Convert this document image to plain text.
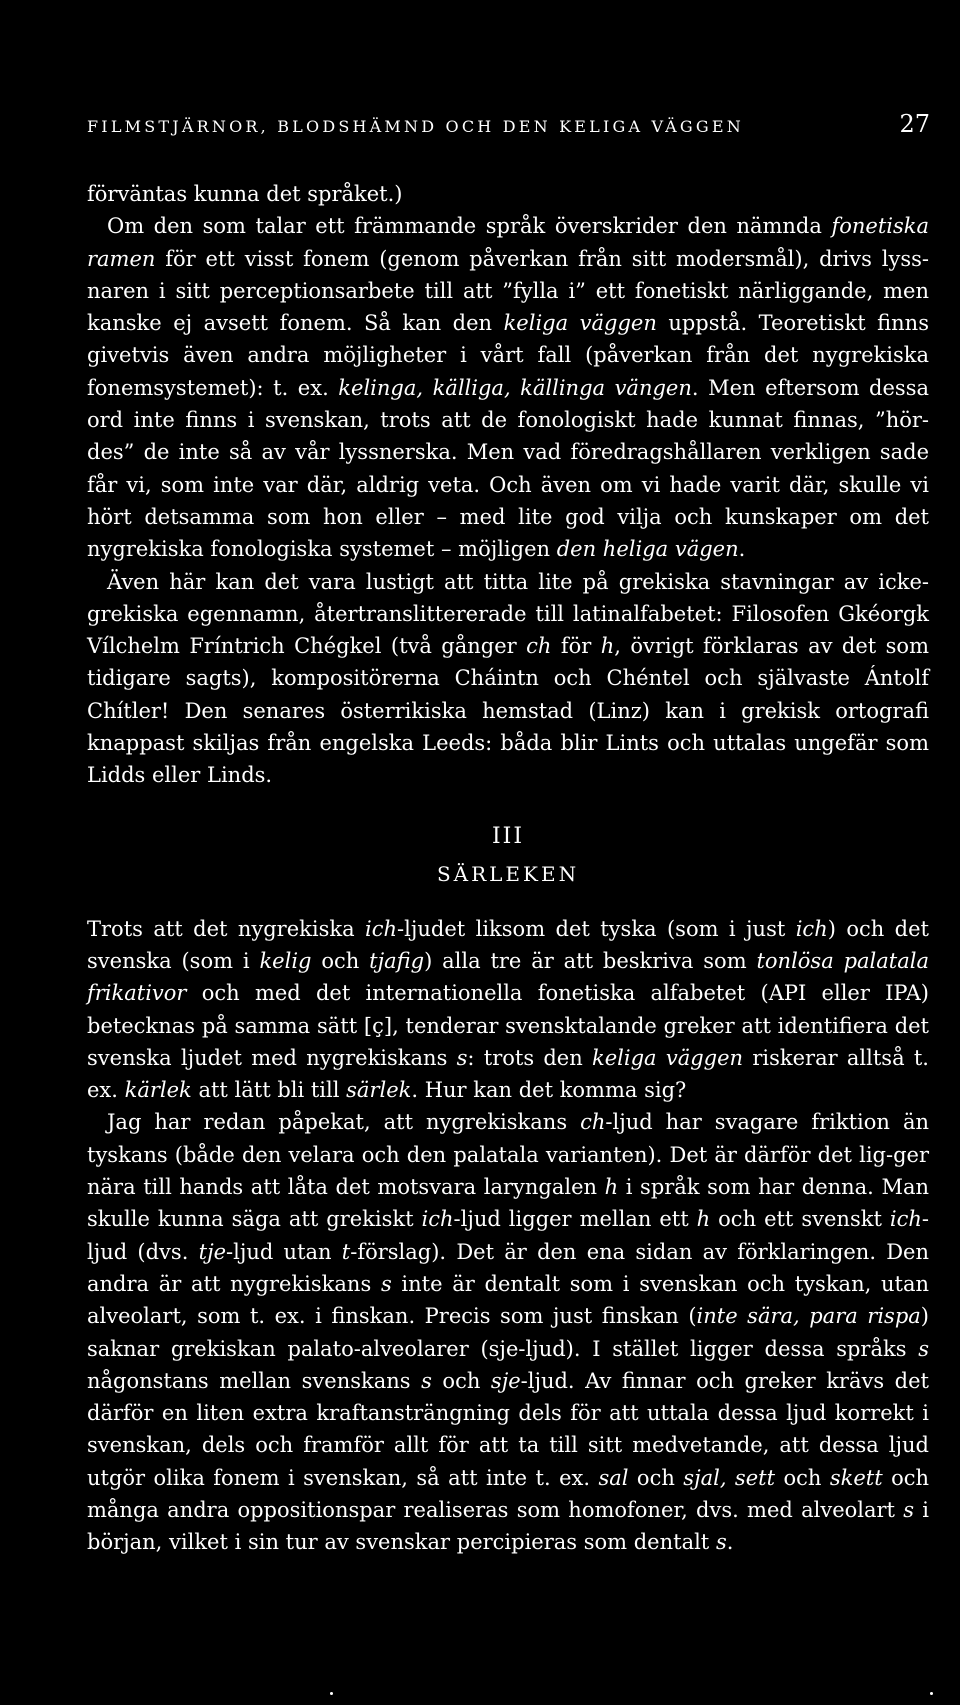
FILMSTJÄRNOR, BLODSHÄMND OCH DEN KELIGA VÄGGEN	27

förväntas kunna det språket.)

Om den som talar ett främmande språk överskrider den nämnda fonetiska ramen för ett visst fonem (genom påverkan från sitt modersmål), drivs lyss-naren i sitt perceptionsarbete till att ”fylla i” ett fonetiskt närliggande, men kanske ej avsett fonem. Så kan den keliga väggen uppstå. Teoretiskt finns givetvis även andra möjligheter i vårt fall (påverkan från det nygrekiska fonemsystemet): t. ex. kelinga, källiga, källinga vängen. Men eftersom dessa ord inte finns i svenskan, trots att de fonologiskt hade kunnat finnas, ”hör-des” de inte så av vår lyssnerska. Men vad föredragshållaren verkligen sade får vi, som inte var där, aldrig veta. Och även om vi hade varit där, skulle vi hört detsamma som hon eller – med lite god vilja och kunskaper om det nygrekiska fonologiska systemet – möjligen den heliga vägen.

Även här kan det vara lustigt att titta lite på grekiska stavningar av icke-grekiska egennamn, återtranslittererade till latinalfabetet: Filosofen Gkéorgk Vílchelm Fríntrich Chégkel (två gånger ch för h, övrigt förklaras av det som tidigare sagts), kompositörerna Cháintn och Chéntel och självaste Ántolf Chítler! Den senares österrikiska hemstad (Linz) kan i grekisk ortografi knappast skiljas från engelska Leeds: båda blir Lints och uttalas ungefär som Lidds eller Linds.

III
SÄRLEKEN

Trots att det nygrekiska ich-ljudet liksom det tyska (som i just ich) och det svenska (som i kelig och tjafig) alla tre är att beskriva som tonlösa palatala frikativor och med det internationella fonetiska alfabetet (API eller IPA) betecknas på samma sätt [ç], tenderar svensktalande greker att identifiera det svenska ljudet med nygrekiskans s: trots den keliga väggen riskerar alltså t. ex. kärlek att lätt bli till särlek. Hur kan det komma sig?

Jag har redan påpekat, att nygrekiskans ch-ljud har svagare friktion än tyskans (både den velara och den palatala varianten). Det är därför det lig-ger nära till hands att låta det motsvara laryngalen h i språk som har denna. Man skulle kunna säga att grekiskt ich-ljud ligger mellan ett h och ett svenskt ich-ljud (dvs. tje-ljud utan t-förslag). Det är den ena sidan av förklaringen. Den andra är att nygrekiskans s inte är dentalt som i svenskan och tyskan, utan alveolart, som t. ex. i finskan. Precis som just finskan (inte sära, para rispa) saknar grekiskan palato-alveolarer (sje-ljud). I stället ligger dessa språks s någonstans mellan svenskans s och sje-ljud. Av finnar och greker krävs det därför en liten extra kraftansträngning dels för att uttala dessa ljud korrekt i svenskan, dels och framför allt för att ta till sitt medvetande, att dessa ljud utgör olika fonem i svenskan, så att inte t. ex. sal och sjal, sett och skett och många andra oppositionspar realiseras som homofoner, dvs. med alveolart s i början, vilket i sin tur av svenskar percipieras som dentalt s.
